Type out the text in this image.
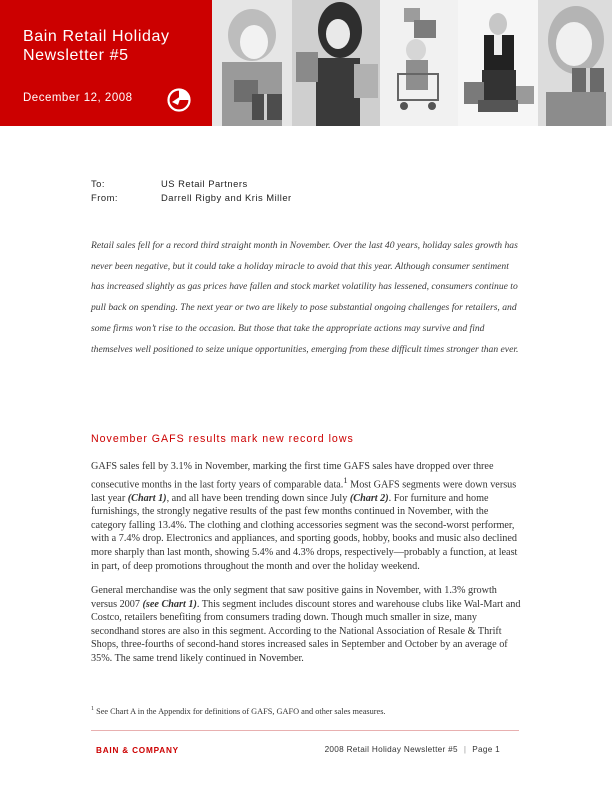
Bain Retail Holiday
Newsletter #5
December 12, 2008
To:	US Retail Partners
From:	Darrell Rigby and Kris Miller

Retail sales fell for a record third straight month in November. Over the last 40 years, holiday sales growth has never been negative, but it could take a holiday miracle to avoid that this year. Although consumer sentiment has increased slightly as gas prices have fallen and stock market volatility has lessened, consumers continue to pull back on spending. The next year or two are likely to pose substantial ongoing challenges for retailers, and some firms won’t rise to the occasion. But those that take the appropriate actions may survive and find themselves well positioned to seize unique opportunities, emerging from these difficult times stronger than ever.

November GAFS results mark new record lows

GAFS sales fell by 3.1% in November, marking the first time GAFS sales have dropped over three consecutive months in the last forty years of comparable data.$^1$ Most GAFS segments were down versus last year (Chart 1), and all have been trending down since July (Chart 2). For furniture and home furnishings, the strongly negative results of the past few months continued in November, with the category falling 13.4%. The clothing and clothing accessories segment was the second-worst performer, with a 7.4% drop. Electronics and appliances, and sporting goods, hobby, books and music also declined more sharply than last month, showing 5.4% and 4.3% drops, respectively—probably a function, at least in part, of deep promotions throughout the month and over the holiday weekend.

General merchandise was the only segment that saw positive gains in November, with 1.3% growth versus 2007 (see Chart 1). This segment includes discount stores and warehouse clubs like Wal-Mart and Costco, retailers benefiting from consumers trading down. Though much smaller in size, many secondhand stores are also in this segment. According to the National Association of Resale & Thrift Shops, three-fourths of second-hand stores increased sales in September and October by an average of 35%. The same trend likely continued in November.

$^1$ See Chart A in the Appendix for definitions of GAFS, GAFO and other sales measures.

BAIN & COMPANY	2008 Retail Holiday Newsletter #5 | Page 1
